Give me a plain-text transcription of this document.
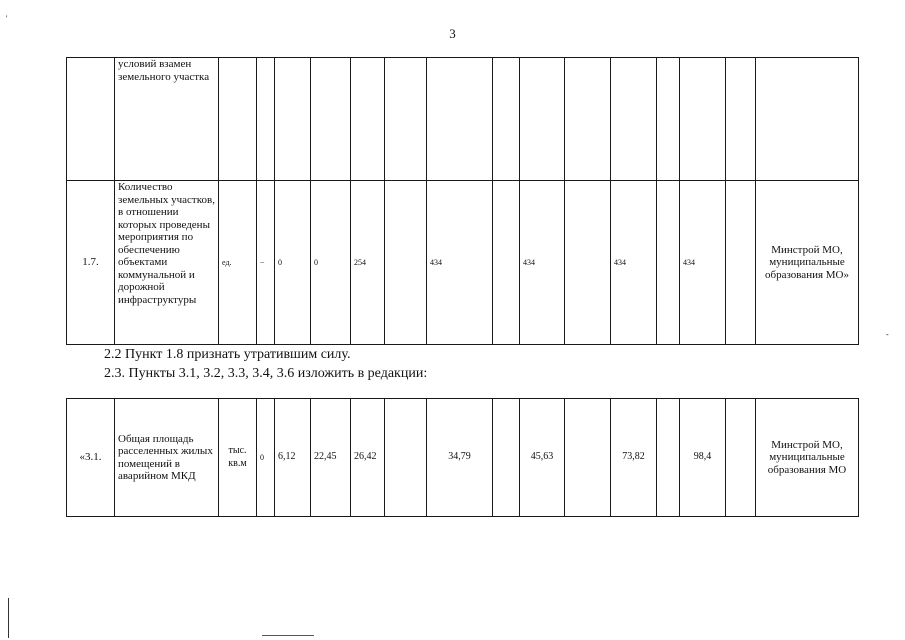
3
'
-
	условий взамен земельного участка															
1.7.	Количество земельных участков, в отношении которых проведены мероприятия по обеспечению объектами коммунальной и дорожной инфраструктуры	ед.	−	0	0	254		434		434		434		434		Минстрой МО, муниципальные образования МО»
2.2 Пункт 1.8 признать утратившим силу.
2.3. Пункты 3.1, 3.2, 3.3, 3.4, 3.6 изложить в редакции:
«3.1.	Общая площадь расселенных жилых помещений в аварийном МКД	тыс. кв.м	0	6,12	22,45	26,42		34,79		45,63		73,82		98,4		Минстрой МО, муниципальные образования МО
